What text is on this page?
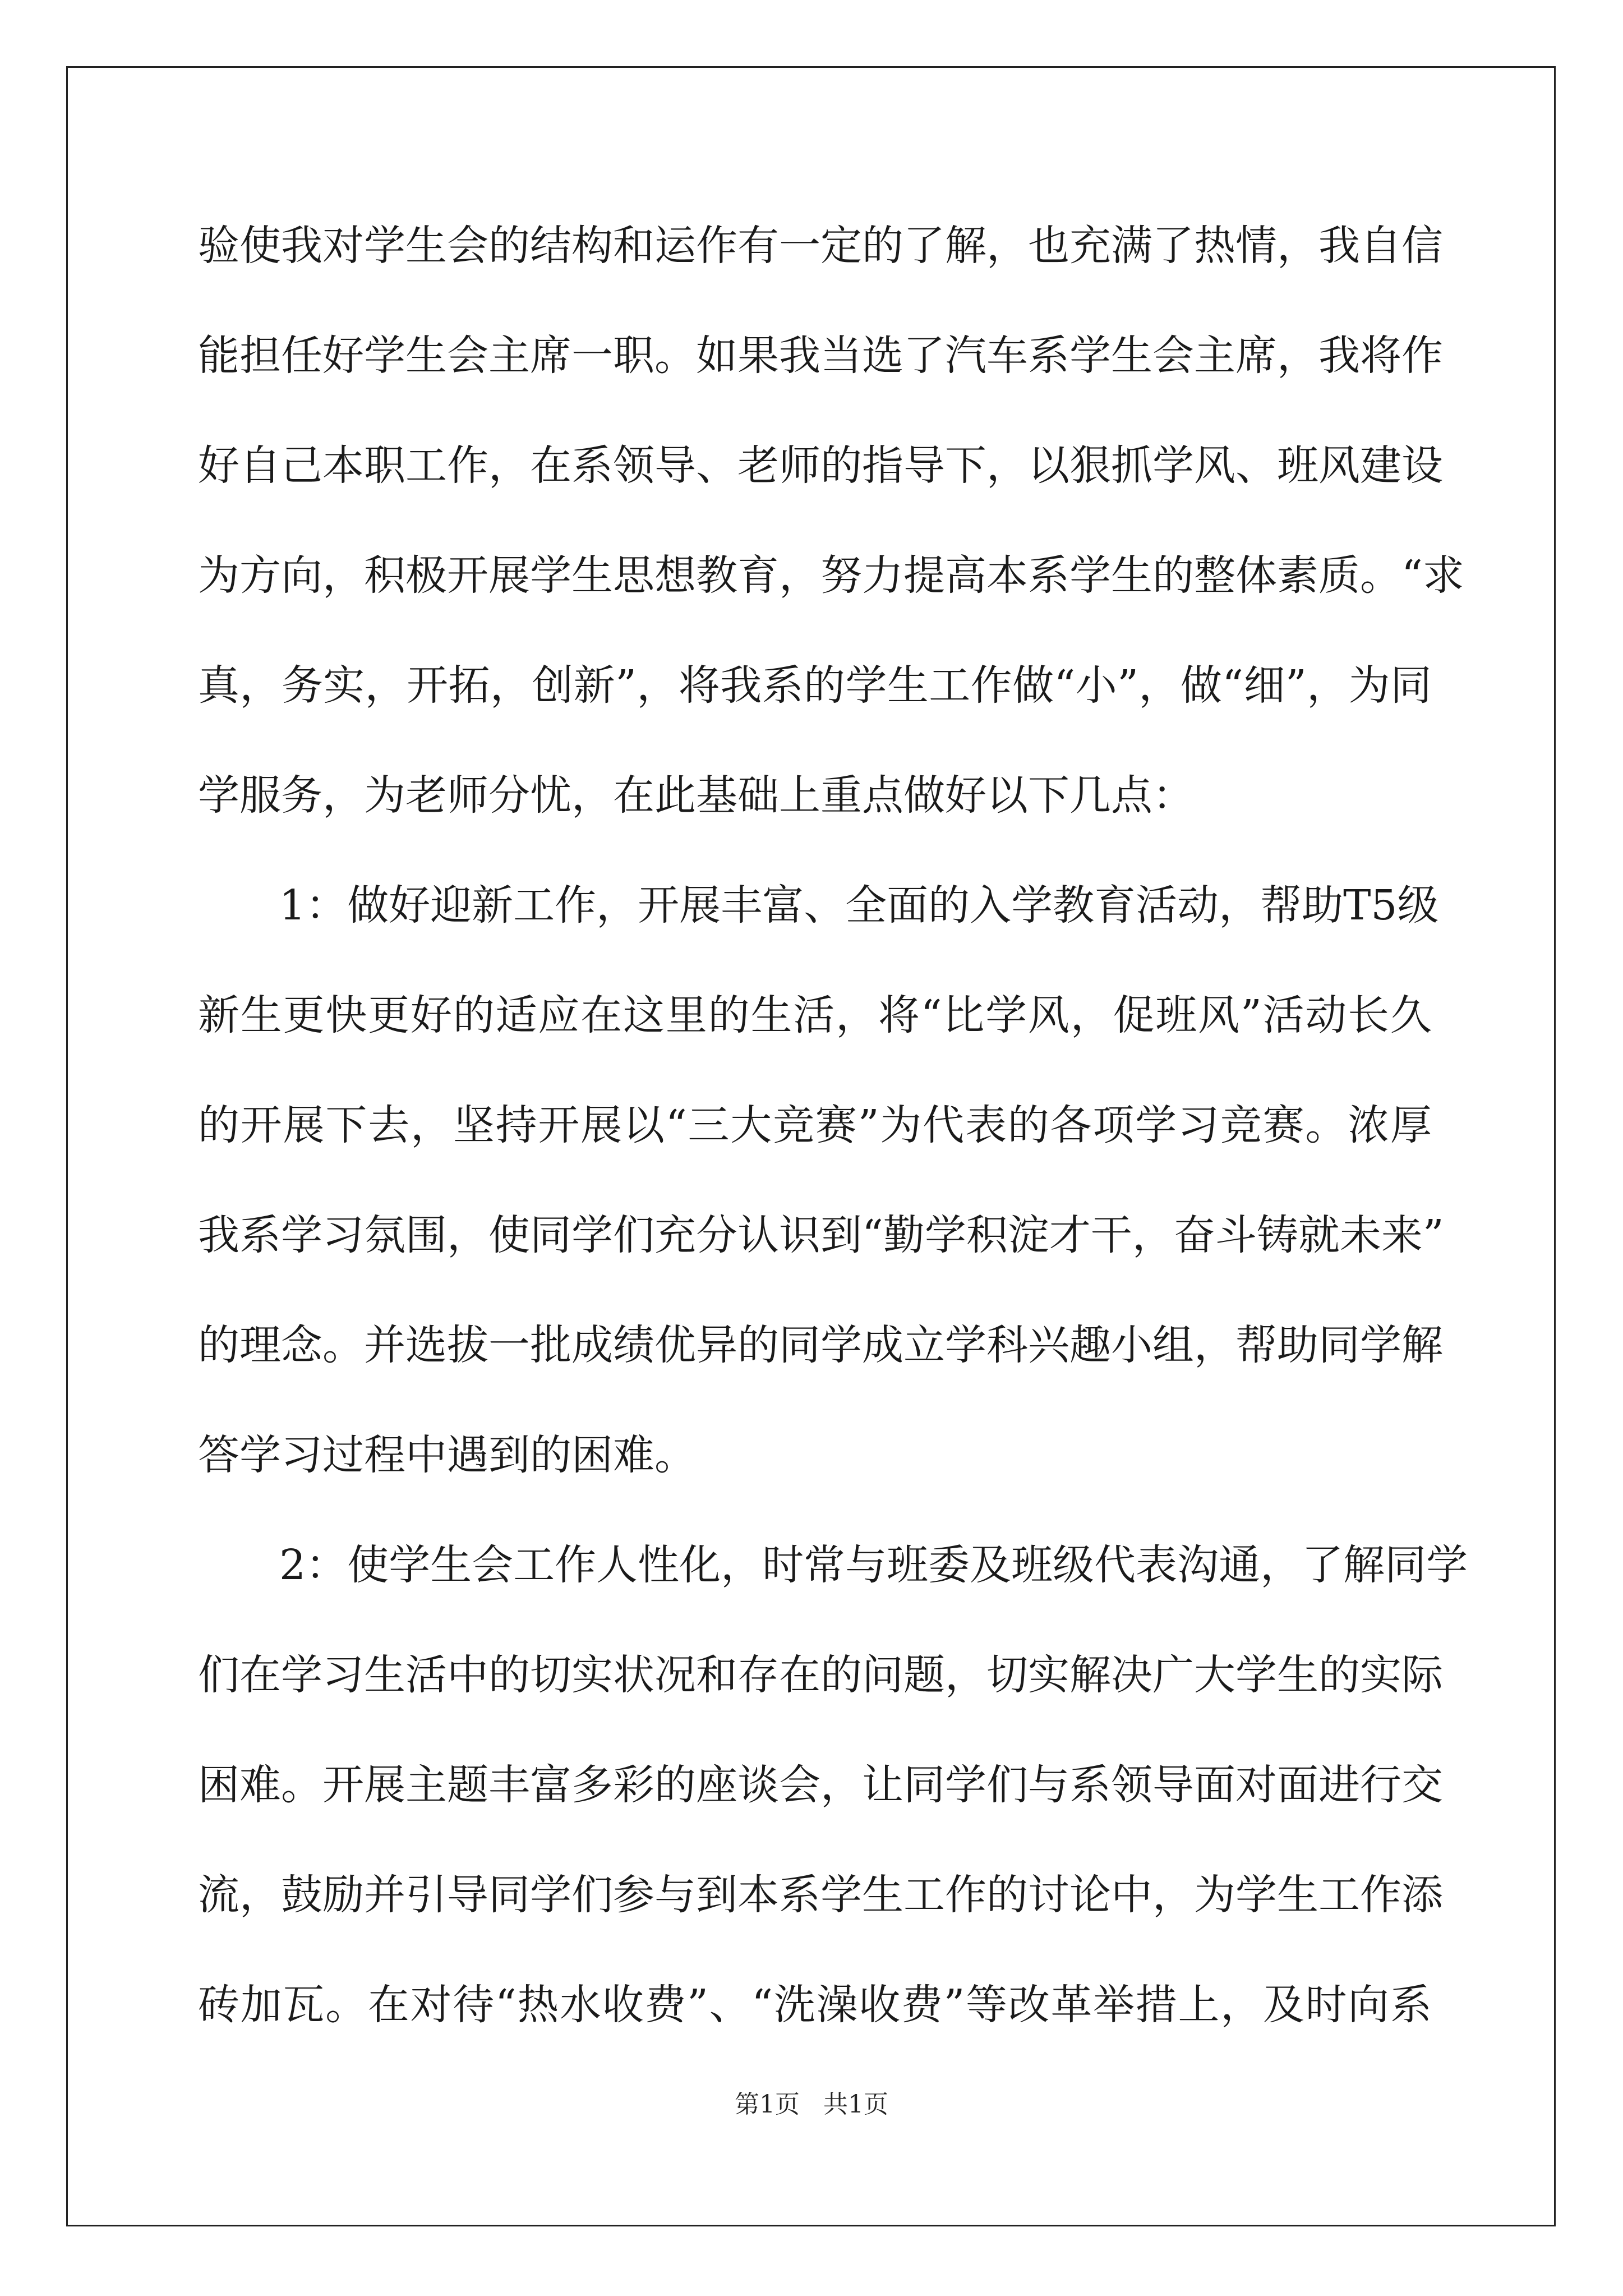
验使我对学生会的结构和运作有一定的了解，也充满了热情，我自信
能担任好学生会主席一职。如果我当选了汽车系学生会主席，我将作
好自己本职工作，在系领导、老师的指导下，以狠抓学风、班风建设
为方向，积极开展学生思想教育，努力提高本系学生的整体素质。“求
真，务实，开拓，创新”，将我系的学生工作做“小”，做“细”，为同
学服务，为老师分忧，在此基础上重点做好以下几点：
1：做好迎新工作，开展丰富、全面的入学教育活动，帮助T5级
新生更快更好的适应在这里的生活，将“比学风，促班风”活动长久
的开展下去，坚持开展以“三大竞赛”为代表的各项学习竞赛。浓厚
我系学习氛围，使同学们充分认识到“勤学积淀才干，奋斗铸就未来”
的理念。并选拔一批成绩优异的同学成立学科兴趣小组，帮助同学解
答学习过程中遇到的困难。
2：使学生会工作人性化，时常与班委及班级代表沟通，了解同学
们在学习生活中的切实状况和存在的问题，切实解决广大学生的实际
困难。开展主题丰富多彩的座谈会，让同学们与系领导面对面进行交
流，鼓励并引导同学们参与到本系学生工作的讨论中，为学生工作添
砖加瓦。在对待“热水收费”、“洗澡收费”等改革举措上，及时向系
第1页 共1页
